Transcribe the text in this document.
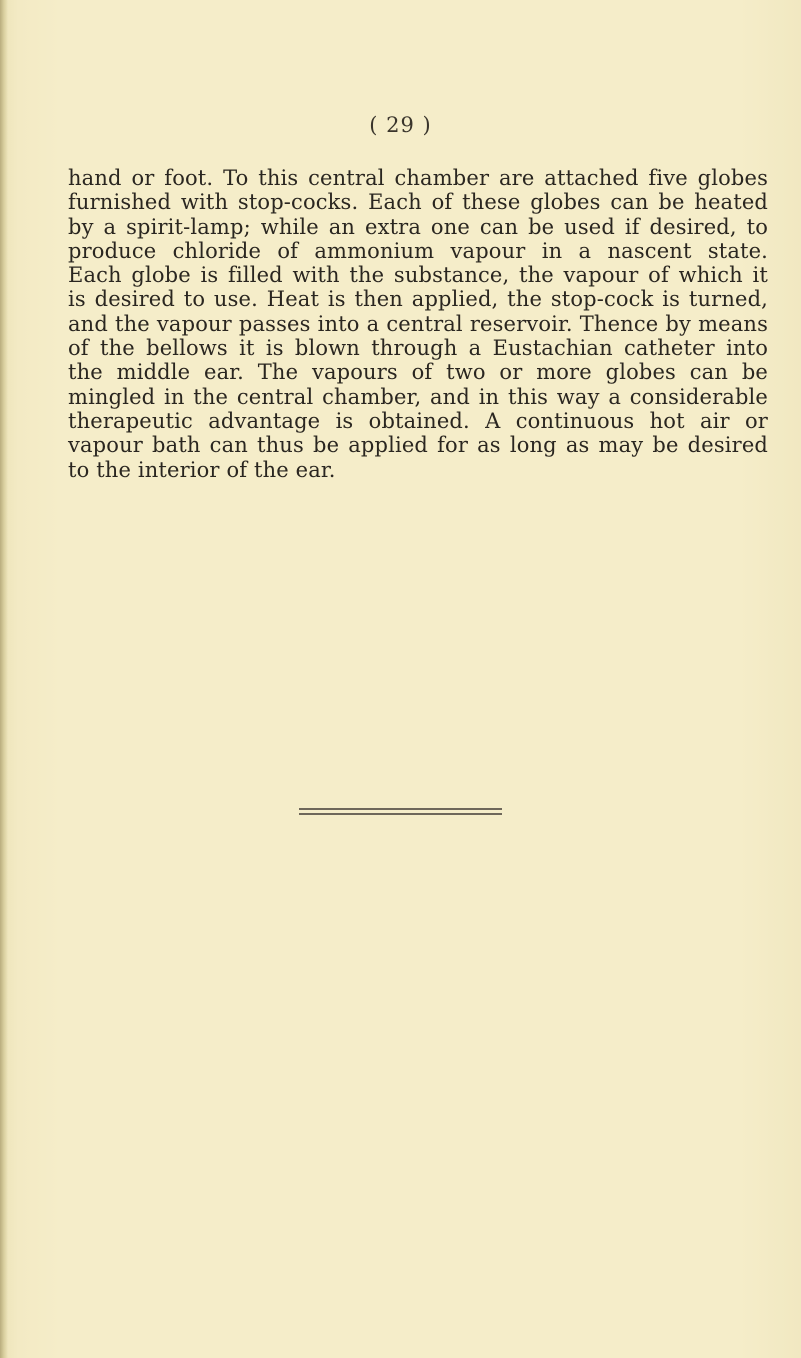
( 29 )
hand or foot. To this central chamber are attached five globes
furnished with stop-cocks. Each of these globes can be heated
by a spirit-lamp; while an extra one can be used if desired, to
produce chloride of ammonium vapour in a nascent state.
Each globe is filled with the substance, the vapour of which it
is desired to use. Heat is then applied, the stop-cock is turned,
and the vapour passes into a central reservoir. Thence by means
of the bellows it is blown through a Eustachian catheter into
the middle ear. The vapours of two or more globes can be
mingled in the central chamber, and in this way a considerable
therapeutic advantage is obtained. A continuous hot air or
vapour bath can thus be applied for as long as may be desired
to the interior of the ear.
